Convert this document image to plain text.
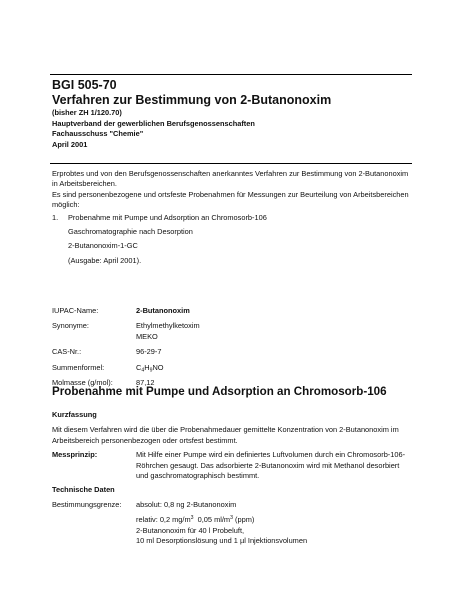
BGI 505-70
Verfahren zur Bestimmung von 2-Butanonoxim
(bisher ZH 1/120.70)
Hauptverband der gewerblichen Berufsgenossenschaften
Fachausschuss "Chemie"
April 2001

Erprobtes und von den Berufsgenossenschaften anerkanntes Verfahren zur Bestimmung von 2-Butanonoxim in Arbeitsbereichen.

Es sind personenbezogene und ortsfeste Probenahmen für Messungen zur Beurteilung von Arbeitsbereichen möglich:

1. Probenahme mit Pumpe und Adsorption an Chromosorb-106
Gaschromatographie nach Desorption
2-Butanonoxim-1-GC
(Ausgabe: April 2001).
IUPAC-Name:	2-Butanonoxim
Synonyme:	Ethylmethylketoxim
MEKO
CAS-Nr.:	96-29-7
Summenformel:	$C_4H_9NO$
Molmasse (g/mol):	87,12
Probenahme mit Pumpe und Adsorption an Chromosorb-106
Kurzfassung

Mit diesem Verfahren wird die über die Probenahmedauer gemittelte Konzentration von 2-Butanonoxim im Arbeitsbereich personenbezogen oder ortsfest bestimmt.

Messprinzip:	Mit Hilfe einer Pumpe wird ein definiertes Luftvolumen durch ein Chromosorb-106-Röhrchen gesaugt. Das adsorbierte 2-Butanonoxim wird mit Methanol desorbiert und gaschromatographisch bestimmt.
Technische Daten
Bestimmungsgrenze:	absolut: 0,8 ng 2-Butanonoxim
relativ: 0,2 $mg/m^3$  0,05 $ml/m^3$ (ppm)
2-Butanonoxim für 40 l Probeluft,
10 ml Desorptionslösung und 1 µl Injektionsvolumen
